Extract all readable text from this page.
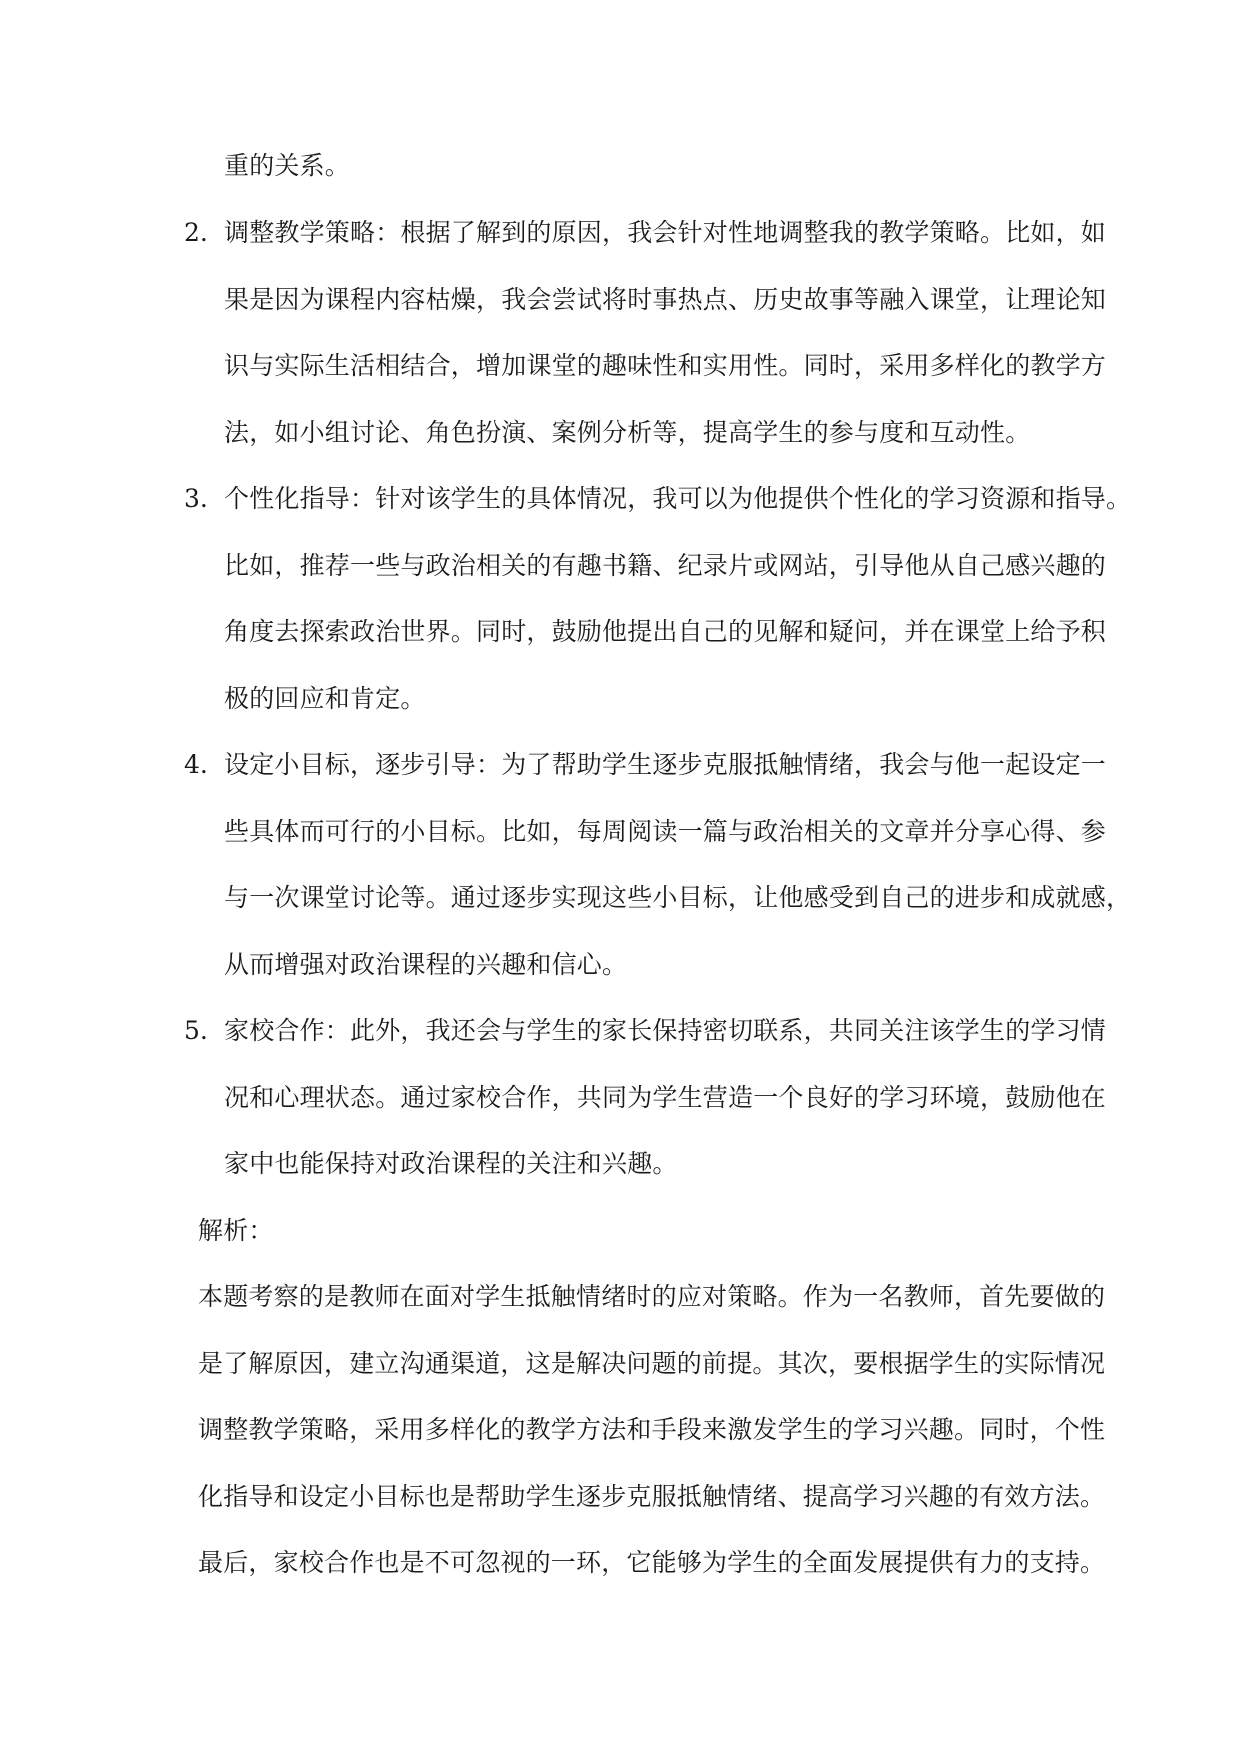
重的关系。
2. 调整教学策略：根据了解到的原因，我会针对性地调整我的教学策略。比如，如
果是因为课程内容枯燥，我会尝试将时事热点、历史故事等融入课堂，让理论知
识与实际生活相结合，增加课堂的趣味性和实用性。同时，采用多样化的教学方
法，如小组讨论、角色扮演、案例分析等，提高学生的参与度和互动性。
3. 个性化指导：针对该学生的具体情况，我可以为他提供个性化的学习资源和指导。
比如，推荐一些与政治相关的有趣书籍、纪录片或网站，引导他从自己感兴趣的
角度去探索政治世界。同时，鼓励他提出自己的见解和疑问，并在课堂上给予积
极的回应和肯定。
4. 设定小目标，逐步引导：为了帮助学生逐步克服抵触情绪，我会与他一起设定一
些具体而可行的小目标。比如，每周阅读一篇与政治相关的文章并分享心得、参
与一次课堂讨论等。通过逐步实现这些小目标，让他感受到自己的进步和成就感，
从而增强对政治课程的兴趣和信心。
5. 家校合作：此外，我还会与学生的家长保持密切联系，共同关注该学生的学习情
况和心理状态。通过家校合作，共同为学生营造一个良好的学习环境，鼓励他在
家中也能保持对政治课程的关注和兴趣。
解析：
本题考察的是教师在面对学生抵触情绪时的应对策略。作为一名教师，首先要做的
是了解原因，建立沟通渠道，这是解决问题的前提。其次，要根据学生的实际情况
调整教学策略，采用多样化的教学方法和手段来激发学生的学习兴趣。同时，个性
化指导和设定小目标也是帮助学生逐步克服抵触情绪、提高学习兴趣的有效方法。
最后，家校合作也是不可忽视的一环，它能够为学生的全面发展提供有力的支持。
